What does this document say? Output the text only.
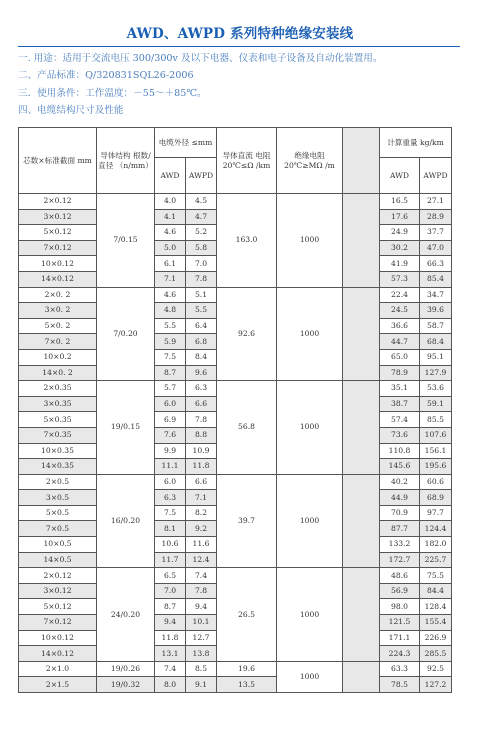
AWD、AWPD 系列特种绝缘安装线
一. 用途：适用于交流电压 300/300v 及以下电器、仪表和电子设备及自动化装置用。
二、产品标准：Q/320831SQL26-2006
三．使用条件：工作温度：－55～＋85℃。
四、电缆结构尺寸及性能
芯数×标准截面 mm	导体结构 根数/直径 （n/mm）	电缆外径 ≤mm		导体直流 电阻 20℃≤Ω /km	绝缘电阻 20℃≥MΩ /m		计算重量 kg/km	
		AWD	AWPD				AWD	AWPD
2×0.12	7/0.15	4.0	4.5	163.0	1000		16.5	27.1
3×0.12		4.1	4.7				17.6	28.9
5×0.12		4.6	5.2				24.9	37.7
7×0.12		5.0	5.8				30.2	47.0
10×0.12		6.1	7.0				41.9	66.3
14×0.12		7.1	7.8				57.3	85.4
2×0. 2	7/0.20	4.6	5.1	92.6	1000		22.4	34.7
3×0. 2		4.8	5.5				24.5	39.6
5×0. 2		5.5	6.4				36.6	58.7
7×0. 2		5.9	6.8				44.7	68.4
10×0.2		7.5	8.4				65.0	95.1
14×0. 2		8.7	9.6				78.9	127.9
2×0.35	19/0.15	5.7	6.3	56.8	1000		35.1	53.6
3×0.35		6.0	6.6				38.7	59.1
5×0.35		6.9	7.8				57.4	85.5
7×0.35		7.6	8.8				73.6	107.6
10×0.35		9.9	10.9				110.8	156.1
14×0.35		11.1	11.8				145.6	195.6
2×0.5	16/0.20	6.0	6.6	39.7	1000		40.2	60.6
3×0.5		6.3	7.1				44.9	68.9
5×0.5		7.5	8.2				70.9	97.7
7×0.5		8.1	9.2				87.7	124.4
10×0.5		10.6	11.6				133.2	182.0
14×0.5		11.7	12.4				172.7	225.7
2×0.12	24/0.20	6.5	7.4	26.5	1000		48.6	75.5
3×0.12		7.0	7.8				56.9	84.4
5×0.12		8.7	9.4				98.0	128.4
7×0.12		9.4	10.1				121.5	155.4
10×0.12		11.8	12.7				171.1	226.9
14×0.12		13.1	13.8				224.3	285.5
2×1.0	19/0.26	7.4	8.5	19.6	1000		63.3	92.5
2×1.5	19/0.32	8.0	9.1	13.5			78.5	127.2
